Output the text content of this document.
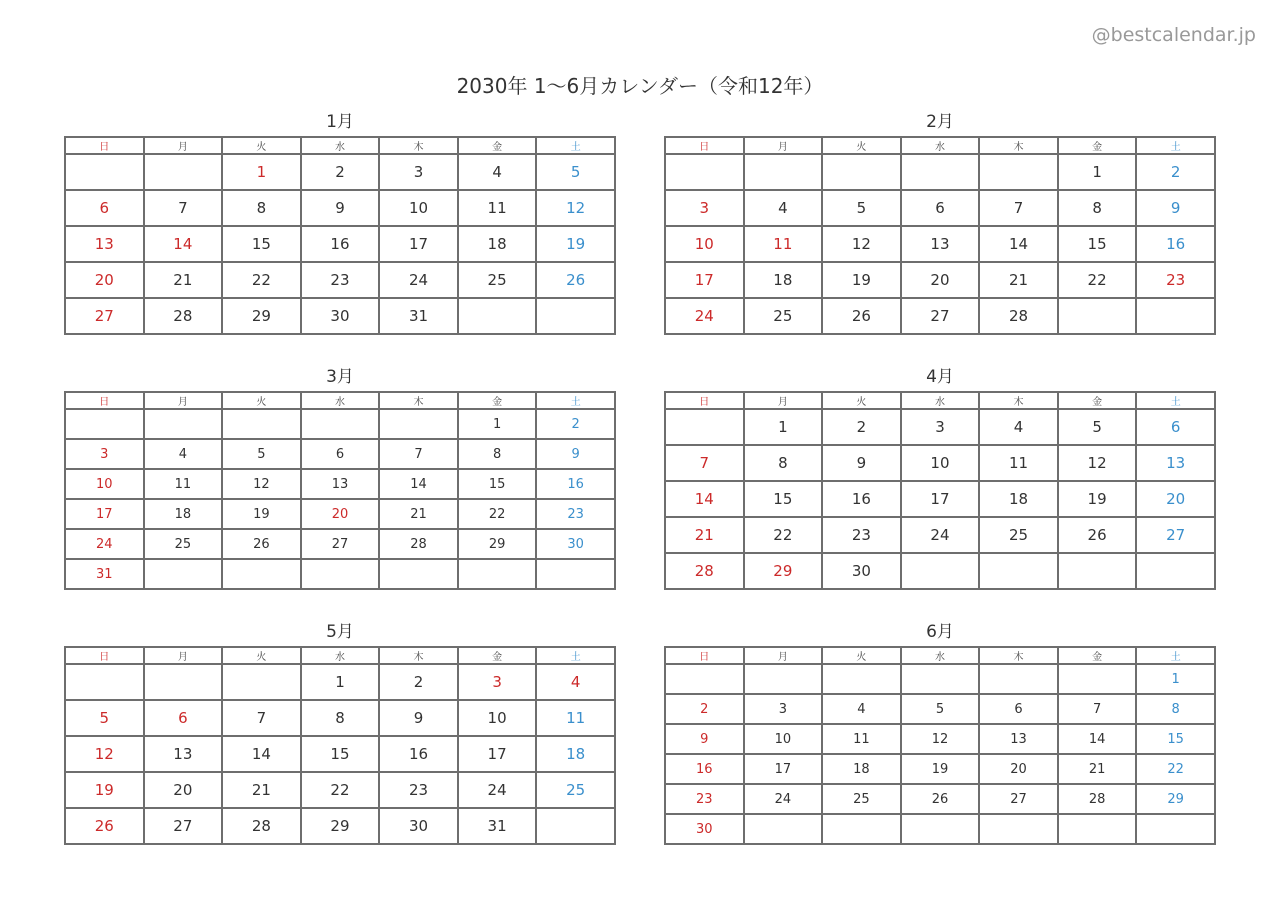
@bestcalendar.jp
2030年 1〜6月カレンダー（令和12年）
1月
日	月	火	水	木	金	土
		1	2	3	4	5
6	7	8	9	10	11	12
13	14	15	16	17	18	19
20	21	22	23	24	25	26
27	28	29	30	31		
2月
日	月	火	水	木	金	土
					1	2
3	4	5	6	7	8	9
10	11	12	13	14	15	16
17	18	19	20	21	22	23
24	25	26	27	28		
3月
日	月	火	水	木	金	土
					1	2
3	4	5	6	7	8	9
10	11	12	13	14	15	16
17	18	19	20	21	22	23
24	25	26	27	28	29	30
31						
4月
日	月	火	水	木	金	土
	1	2	3	4	5	6
7	8	9	10	11	12	13
14	15	16	17	18	19	20
21	22	23	24	25	26	27
28	29	30				
5月
日	月	火	水	木	金	土
			1	2	3	4
5	6	7	8	9	10	11
12	13	14	15	16	17	18
19	20	21	22	23	24	25
26	27	28	29	30	31	
6月
日	月	火	水	木	金	土
						1
2	3	4	5	6	7	8
9	10	11	12	13	14	15
16	17	18	19	20	21	22
23	24	25	26	27	28	29
30						
